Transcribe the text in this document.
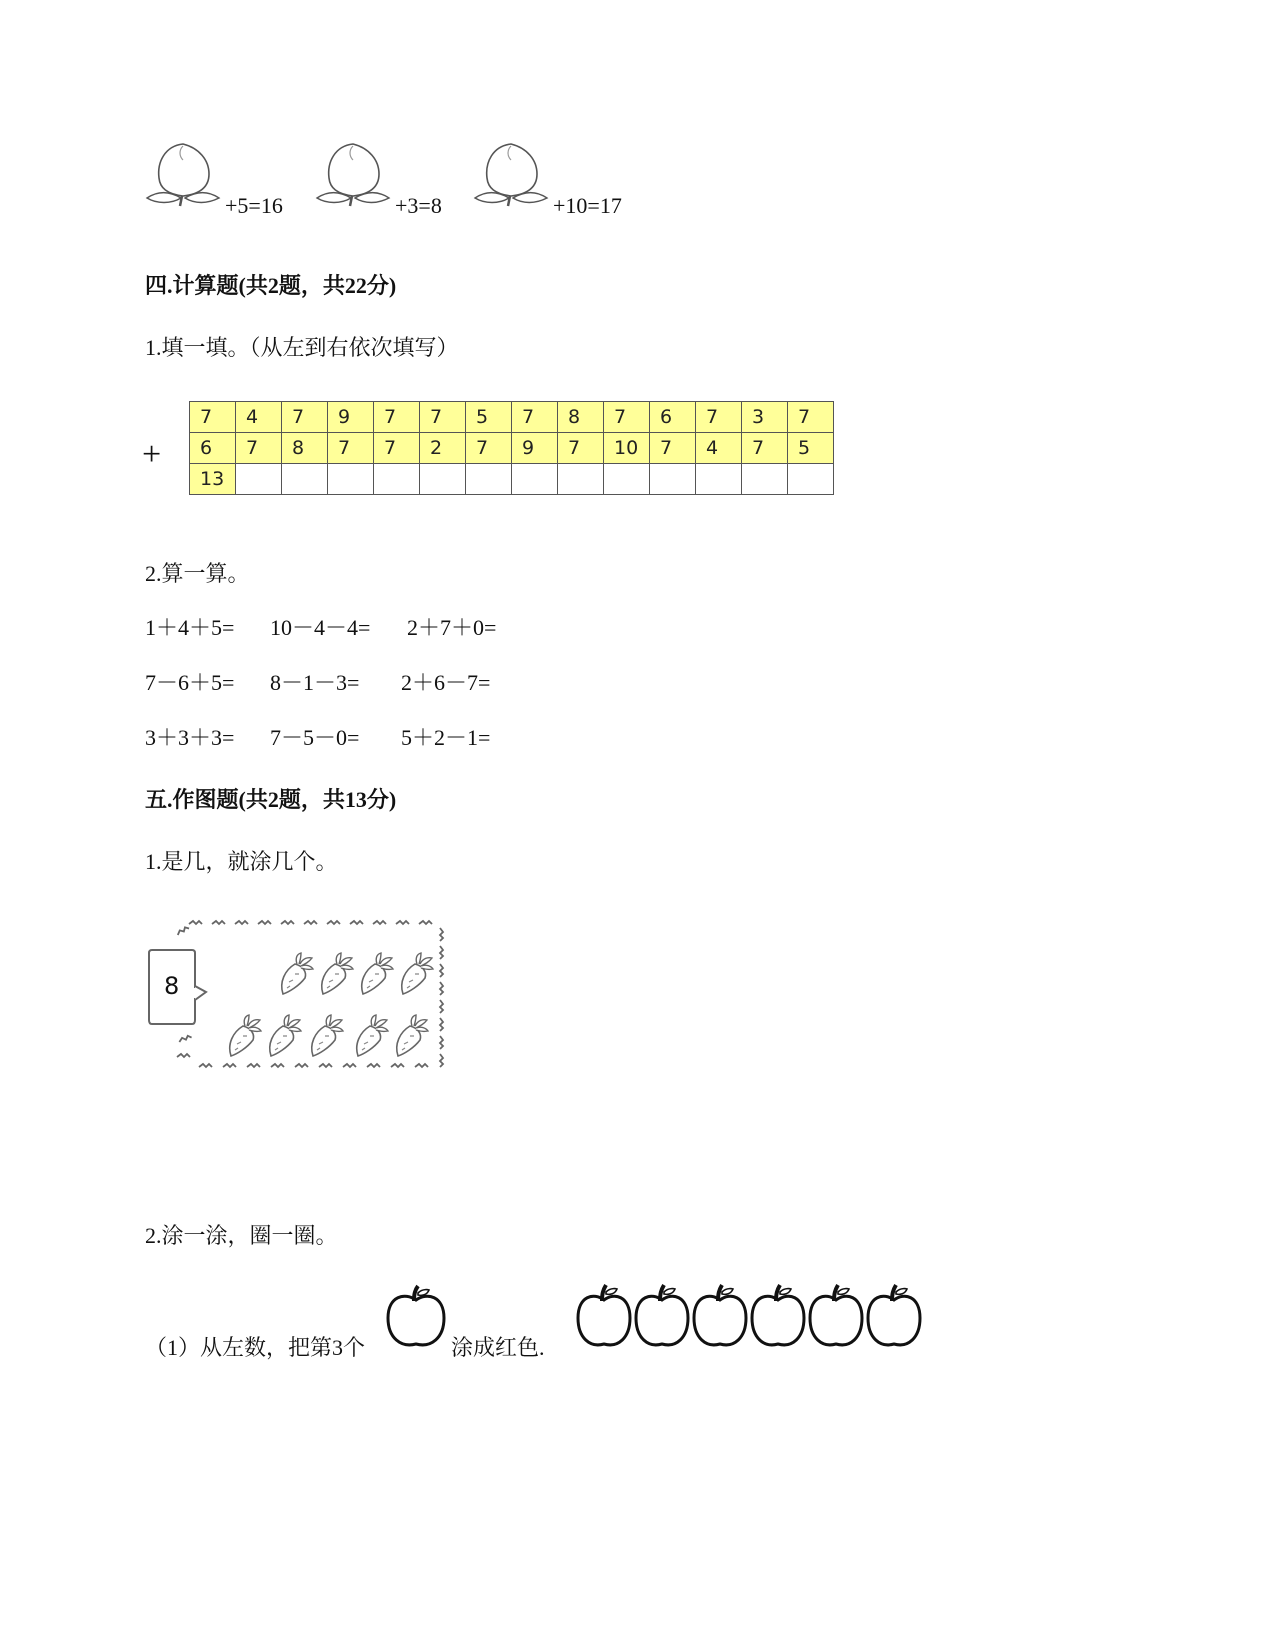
+5=16	+3=8	+10=17
四.计算题(共2题，共22分)
1.填一填。（从左到右依次填写）
+
7	4	7	9	7	7	5	7	8	7	6	7	3	7
6	7	8	7	7	2	7	9	7	10	7	4	7	5
13													
2.算一算。
1＋4＋5= 10－4－4= 2＋7＋0=
7－6＋5= 8－1－3= 2＋6－7=
3＋3＋3= 7－5－0= 5＋2－1=
五.作图题(共2题，共13分)
1.是几，就涂几个。
8
2.涂一涂，圈一圈。
（1）从左数，把第3个	涂成红色.
